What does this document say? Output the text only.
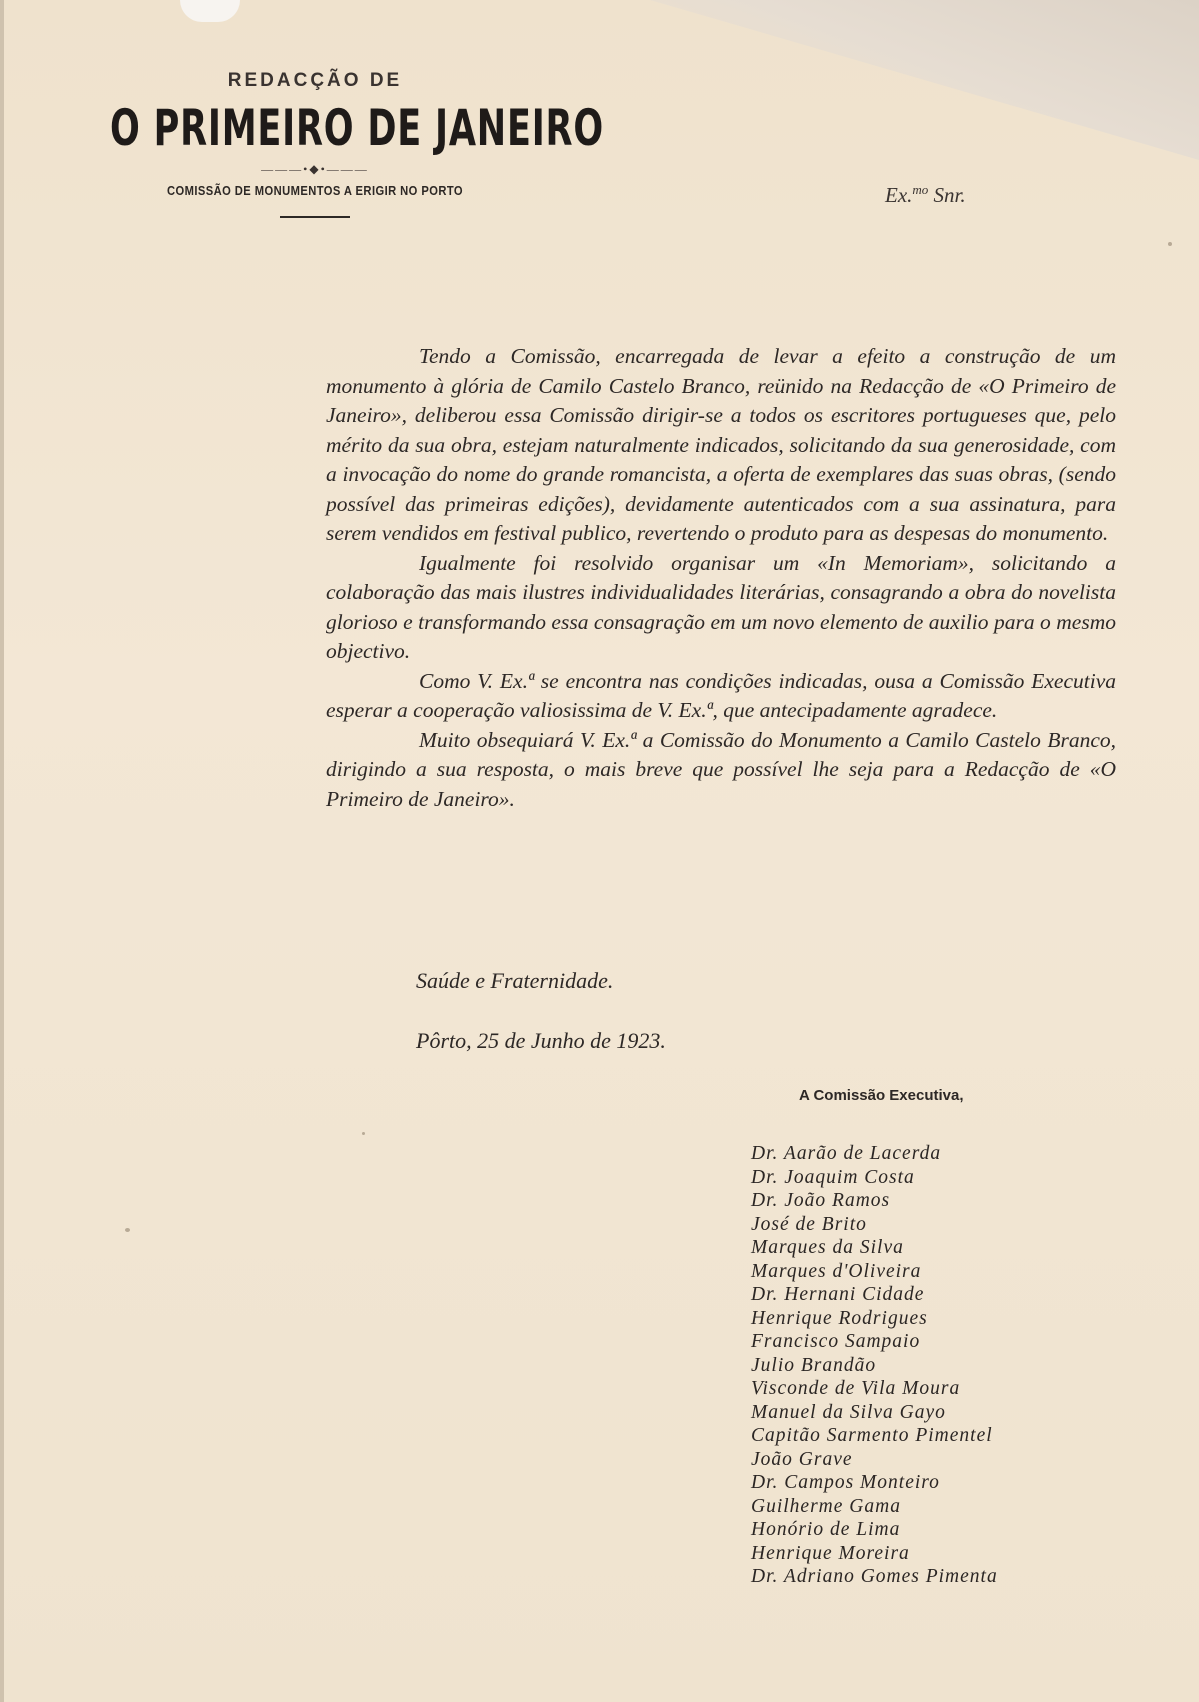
REDACÇÃO DE
O PRIMEIRO DE JANEIRO
———•◆•———
COMISSÃO DE MONUMENTOS A ERIGIR NO PORTO	Ex.$^{mo}$ Snr.

Tendo a Comissão, encarregada de levar a efeito a construção de um monumento à glória de Camilo Castelo Branco, reünido na Redacção de «O Primeiro de Janeiro», deliberou essa Comissão dirigir-se a todos os escritores portugueses que, pelo mérito da sua obra, estejam naturalmente indicados, solicitando da sua generosidade, com a invocação do nome do grande romancista, a oferta de exemplares das suas obras, (sendo possível das primeiras edições), devidamente autenticados com a sua assinatura, para serem vendidos em festival publico, revertendo o produto para as despesas do monumento.

Igualmente foi resolvido organisar um «In Memoriam», solicitando a colaboração das mais ilustres individualidades literárias, consagrando a obra do novelista glorioso e transformando essa consagração em um novo elemento de auxilio para o mesmo objectivo.

Como V. Ex.ª se encontra nas condições indicadas, ousa a Comissão Executiva esperar a cooperação valiosissima de V. Ex.ª, que antecipadamente agradece.

Muito obsequiará V. Ex.ª a Comissão do Monumento a Camilo Castelo Branco, dirigindo a sua resposta, o mais breve que possível lhe seja para a Redacção de «O Primeiro de Janeiro».

Saúde e Fraternidade.
Pôrto, 25 de Junho de 1923.
A Comissão Executiva,
Dr. Aarão de Lacerda
Dr. Joaquim Costa
Dr. João Ramos
José de Brito
Marques da Silva
Marques d'Oliveira
Dr. Hernani Cidade
Henrique Rodrigues
Francisco Sampaio
Julio Brandão
Visconde de Vila Moura
Manuel da Silva Gayo
Capitão Sarmento Pimentel
João Grave
Dr. Campos Monteiro
Guilherme Gama
Honório de Lima
Henrique Moreira
Dr. Adriano Gomes Pimenta
